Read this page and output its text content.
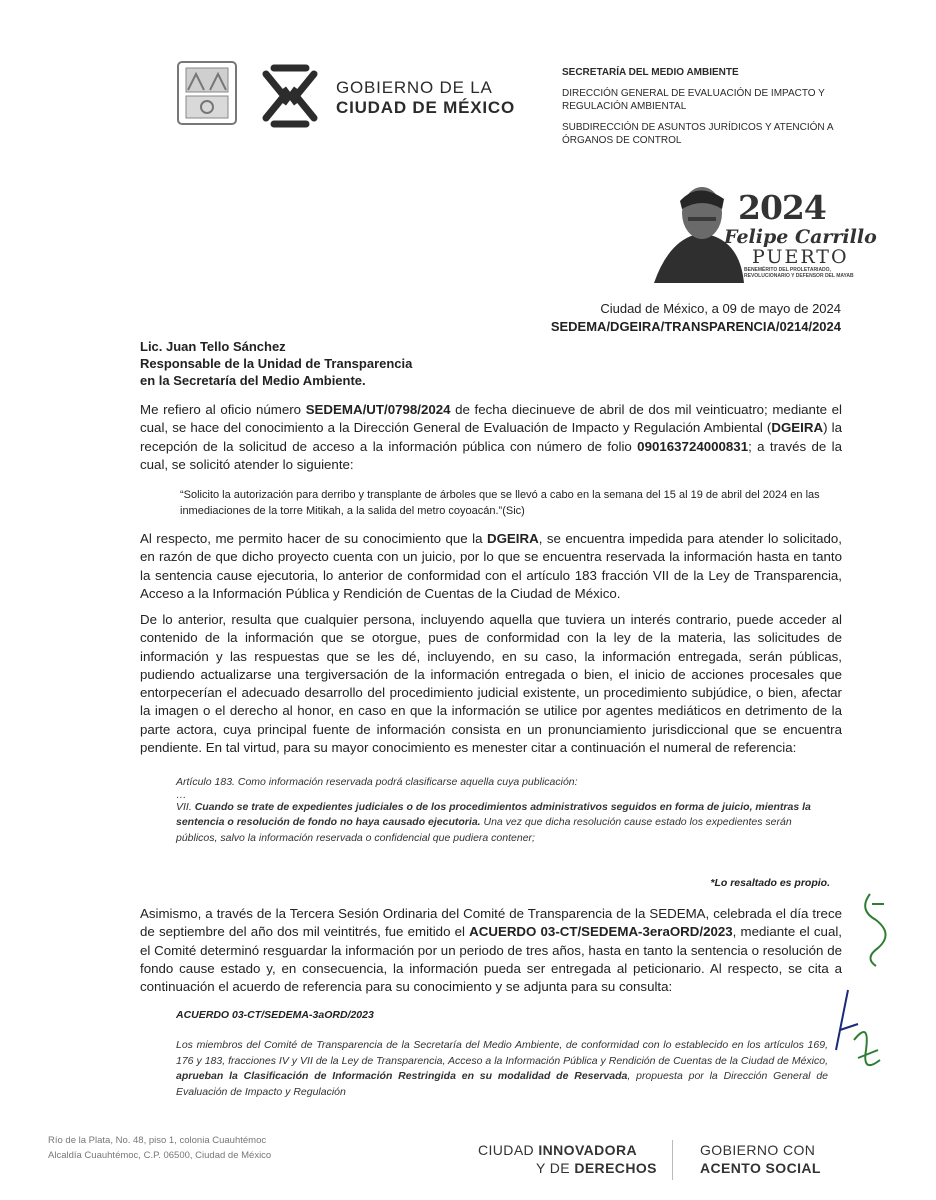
GOBIERNO DE LA
CIUDAD DE MÉXICO
SECRETARÍA DEL MEDIO AMBIENTE
DIRECCIÓN GENERAL DE EVALUACIÓN DE IMPACTO Y REGULACIÓN AMBIENTAL
SUBDIRECCIÓN DE ASUNTOS JURÍDICOS Y ATENCIÓN A ÓRGANOS DE CONTROL
2024
Felipe Carrillo
PUERTO
BENEMÉRITO DEL PROLETARIADO, REVOLUCIONARIO Y DEFENSOR DEL MAYAB
Ciudad de México, a 09 de mayo de 2024
SEDEMA/DGEIRA/TRANSPARENCIA/0214/2024
Lic. Juan Tello Sánchez
Responsable de la Unidad de Transparencia
en la Secretaría del Medio Ambiente.
Me refiero al oficio número SEDEMA/UT/0798/2024 de fecha diecinueve de abril de dos mil veinticuatro; mediante el cual, se hace del conocimiento a la Dirección General de Evaluación de Impacto y Regulación Ambiental (DGEIRA) la recepción de la solicitud de acceso a la información pública con número de folio 090163724000831; a través de la cual, se solicitó atender lo siguiente:
“Solicito la autorización para derribo y transplante de árboles que se llevó a cabo en la semana del 15 al 19 de abril del 2024 en las inmediaciones de la torre Mitikah, a la salida del metro coyoacán.”(Sic)
Al respecto, me permito hacer de su conocimiento que la DGEIRA, se encuentra impedida para atender lo solicitado, en razón de que dicho proyecto cuenta con un juicio, por lo que se encuentra reservada la información hasta en tanto la sentencia cause ejecutoria, lo anterior de conformidad con el artículo 183 fracción VII de la Ley de Transparencia, Acceso a la Información Pública y Rendición de Cuentas de la Ciudad de México.
De lo anterior, resulta que cualquier persona, incluyendo aquella que tuviera un interés contrario, puede acceder al contenido de la información que se otorgue, pues de conformidad con la ley de la materia, las solicitudes de información y las respuestas que se les dé, incluyendo, en su caso, la información entregada, serán públicas, pudiendo actualizarse una tergiversación de la información entregada o bien, el inicio de acciones procesales que entorpecerían el adecuado desarrollo del procedimiento judicial existente, un procedimiento subjúdice, o bien, afectar la imagen o el derecho al honor, en caso en que la información se utilice por agentes mediáticos en detrimento de la parte actora, cuya principal fuente de información consista en un pronunciamiento jurisdiccional que se encuentra pendiente. En tal virtud, para su mayor conocimiento es menester citar a continuación el numeral de referencia:
Artículo 183. Como información reservada podrá clasificarse aquella cuya publicación:
…
VII. Cuando se trate de expedientes judiciales o de los procedimientos administrativos seguidos en forma de juicio, mientras la sentencia o resolución de fondo no haya causado ejecutoria. Una vez que dicha resolución cause estado los expedientes serán públicos, salvo la información reservada o confidencial que pudiera contener;
*Lo resaltado es propio.
Asimismo, a través de la Tercera Sesión Ordinaria del Comité de Transparencia de la SEDEMA, celebrada el día trece de septiembre del año dos mil veintitrés, fue emitido el ACUERDO 03-CT/SEDEMA-3eraORD/2023, mediante el cual, el Comité determinó resguardar la información por un periodo de tres años, hasta en tanto la sentencia o resolución de fondo cause estado y, en consecuencia, la información pueda ser entregada al peticionario. Al respecto, se cita a continuación el acuerdo de referencia para su conocimiento y se adjunta para su consulta:
ACUERDO 03-CT/SEDEMA-3aORD/2023
Los miembros del Comité de Transparencia de la Secretaría del Medio Ambiente, de conformidad con lo establecido en los artículos 169, 176 y 183, fracciones IV y VII de la Ley de Transparencia, Acceso a la Información Pública y Rendición de Cuentas de la Ciudad de México, aprueban la Clasificación de Información Restringida en su modalidad de Reservada, propuesta por la Dirección General de Evaluación de Impacto y Regulación
Río de la Plata, No. 48, piso 1, colonia Cuauhtémoc
Alcaldía Cuauhtémoc, C.P. 06500, Ciudad de México	CIUDAD INNOVADORA
Y DE DERECHOS
GOBIERNO CON
ACENTO SOCIAL
